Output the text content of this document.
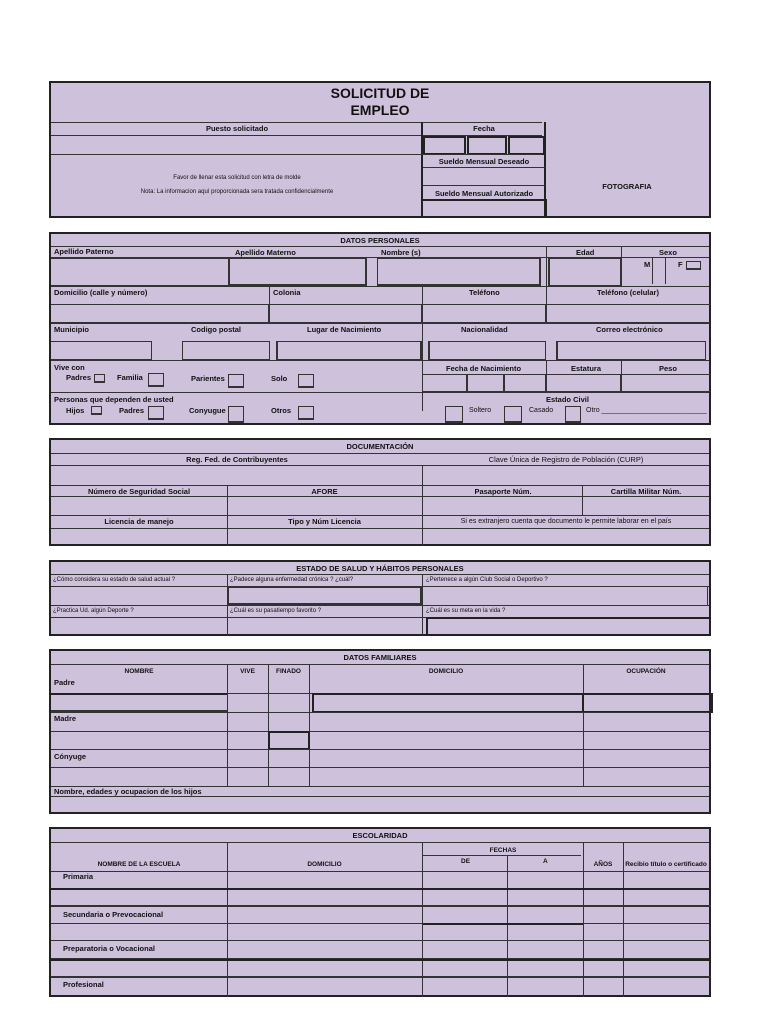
SOLICITUD DE
EMPLEO
Puesto solicitado	Fecha
Favor de llenar esta solicitud con letra de molde
Nota: La informacion aquí proporcionada sera tratada confidencialmente
Sueldo Mensual Deseado
Sueldo Mensual Autorizado
FOTOGRAFIA
DATOS PERSONALES
Apellido Paterno	Apellido Materno	Nombre (s)	Edad	Sexo
M	F
Domicilio (calle y número)	Colonia	Teléfono	Teléfono (celular)
Municipio	Codigo postal	Lugar de Nacimiento	Nacionalidad	Correo electrónico
Vive con
Padres	Familia	Parientes	Solo
Fecha de Nacimiento	Estatura	Peso
Personas que dependen de usted
Hijos	Padres	Conyugue	Otros
Estado Civil
Soltero	Casado	Otro ___________________________
DOCUMENTACIÓN
Reg. Fed. de Contribuyentes	Clave Única de Registro de Población (CURP)
Número de Seguridad Social	AFORE	Pasaporte Núm.	Cartilla Militar Núm.
Licencia de manejo	Tipo y Núm Licencia	Si es extranjero cuenta que documento le permite laborar en el país
ESTADO DE SALUD Y HÁBITOS PERSONALES
¿Cómo considera su estado de salud actual ?	¿Padece alguna enfermedad crónica ? ¿cuál?	¿Pertenece a algún Club Social o Deportivo ?
¿Practica Ud. algún Deporte ?	¿Cuál es su pasatiempo favorito ?	¿Cuál es su meta en la vida ?
DATOS FAMILIARES
NOMBRE	VIVE	FINADO	DOMICILIO	OCUPACIÓN
Padre
Madre
Cónyuge
Nombre, edades y ocupacion de los hijos
ESCOLARIDAD
FECHAS
NOMBRE DE LA ESCUELA	DOMICILIO	DE	A	AÑOS	Recibio título o certificado
Primaria
Secundaria o Prevocacional
Preparatoria o Vocacional
Profesional
